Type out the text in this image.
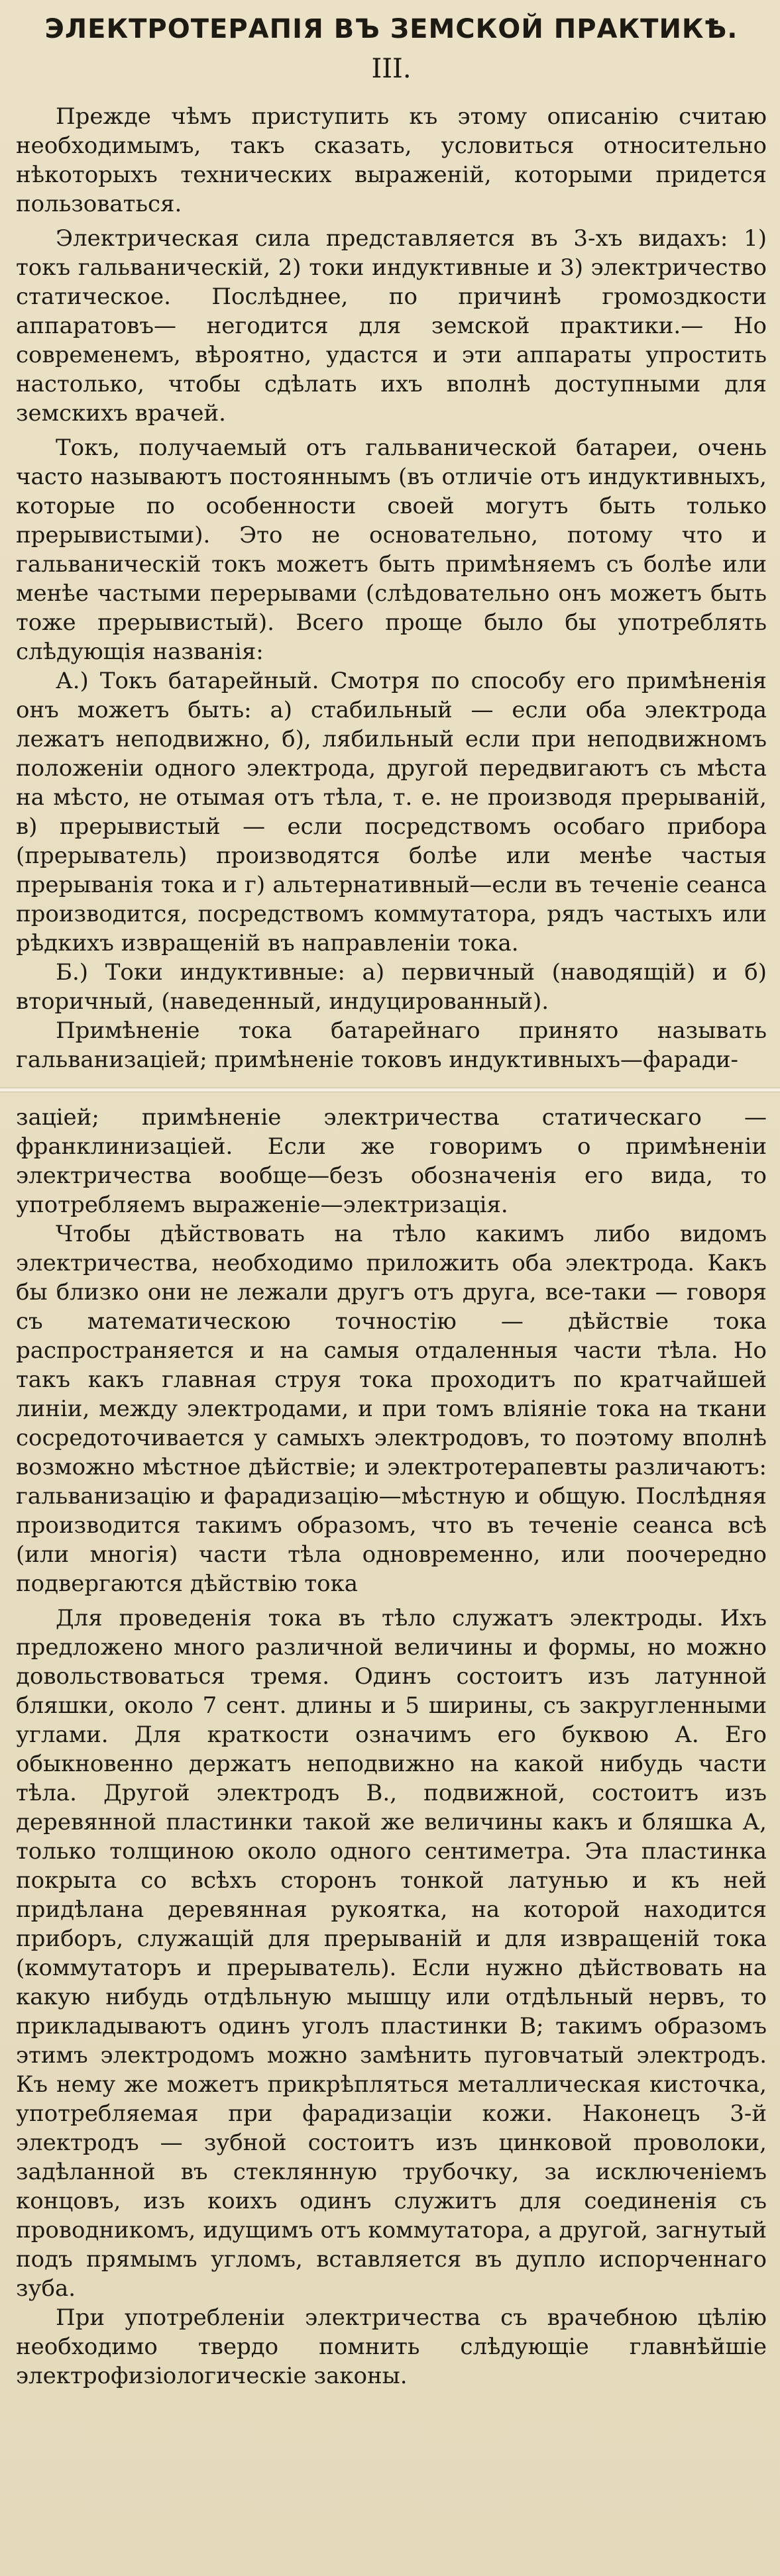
ЭЛЕКТРОТЕРАПІЯ ВЪ ЗЕМСКОЙ ПРАКТИКѢ.
III.

Прежде чѣмъ приступить къ этому описанію считаю необходимымъ, такъ сказать, условиться относительно нѣкоторыхъ технических выраженій, которыми придется пользоваться.

Электрическая сила представляется въ 3-хъ видахъ: 1) токъ гальваническій, 2) токи индуктивные и 3) электричество статическое. Послѣднее, по причинѣ громоздкости аппаратовъ— негодится для земской практики.— Но современемъ, вѣроятно, удастся и эти аппараты упростить настолько, чтобы сдѣлать ихъ вполнѣ доступными для земскихъ врачей.

Токъ, получаемый отъ гальванической батареи, очень часто называютъ постояннымъ (въ отличіе отъ индуктивныхъ, которые по особенности своей могутъ быть только прерывистыми). Это не основательно, потому что и гальваническій токъ можетъ быть примѣняемъ съ болѣе или менѣе частыми перерывами (слѣдовательно онъ можетъ быть тоже прерывистый). Всего проще было бы употреблять слѣдующія названія:

А.) Токъ батарейный. Смотря по способу его примѣненія онъ можетъ быть: а) стабильный — если оба электрода лежатъ неподвижно, б), лябильный если при неподвижномъ положеніи одного электрода, другой передвигаютъ съ мѣста на мѣсто, не отымая отъ тѣла, т. е. не производя прерываній, в) прерывистый — если посредствомъ особаго прибора (прерыватель) производятся болѣе или менѣе частыя прерыванія тока и г) альтернативный—если въ теченіе сеанса производится, посредствомъ коммутатора, рядъ частыхъ или рѣдкихъ извращеній въ направленіи тока.

Б.) Токи индуктивные: а) первичный (наводящій) и б) вторичный, (наведенный, индуцированный).

Примѣненіе тока батарейнаго принято называть гальванизаціей; примѣненіе токовъ индуктивныхъ—фаради-

заціей; примѣненіе электричества статическаго — франклинизаціей. Если же говоримъ о примѣненіи электричества вообще—безъ обозначенія его вида, то употребляемъ выраженіе—электризація.

Чтобы дѣйствовать на тѣло какимъ либо видомъ электричества, необходимо приложить оба электрода. Какъ бы близко они не лежали другъ отъ друга, все-таки — говоря съ математическою точностію — дѣйствіе тока распространяется и на самыя отдаленныя части тѣла. Но такъ какъ главная струя тока проходитъ по кратчайшей линіи, между электродами, и при томъ вліяніе тока на ткани сосредоточивается у самыхъ электродовъ, то поэтому вполнѣ возможно мѣстное дѣйствіе; и электротерапевты различаютъ: гальванизацію и фарадизацію—мѣстную и общую. Послѣдняя производится такимъ образомъ, что въ теченіе сеанса всѣ (или многія) части тѣла одновременно, или поочередно подвергаются дѣйствію тока

Для проведенія тока въ тѣло служатъ электроды. Ихъ предложено много различной величины и формы, но можно довольствоваться тремя. Одинъ состоитъ изъ латунной бляшки, около 7 сент. длины и 5 ширины, съ закругленными углами. Для краткости означимъ его буквою А. Его обыкновенно держатъ неподвижно на какой нибудь части тѣла. Другой электродъ В., подвижной, состоитъ изъ деревянной пластинки такой же величины какъ и бляшка А, только толщиною около одного сентиметра. Эта пластинка покрыта со всѣхъ сторонъ тонкой латунью и къ ней придѣлана деревянная рукоятка, на которой находится приборъ, служащій для прерываній и для извращеній тока (коммутаторъ и прерыватель). Если нужно дѣйствовать на какую нибудь отдѣльную мышцу или отдѣльный нервъ, то прикладываютъ одинъ уголъ пластинки В; такимъ образомъ этимъ электродомъ можно замѣнить пуговчатый электродъ. Къ нему же можетъ прикрѣпляться металлическая кисточка, употребляемая при фарадизаціи кожи. Наконецъ 3-й электродъ — зубной состоитъ изъ цинковой проволоки, задѣланной въ стеклянную трубочку, за исключеніемъ концовъ, изъ коихъ одинъ служитъ для соединенія съ проводникомъ, идущимъ отъ коммутатора, а другой, загнутый подъ прямымъ угломъ, вставляется въ дупло испорченнаго зуба.

При употребленіи электричества съ врачебною цѣлію необходимо твердо помнить слѣдующіе главнѣйшіе электрофизіологическіе законы.
